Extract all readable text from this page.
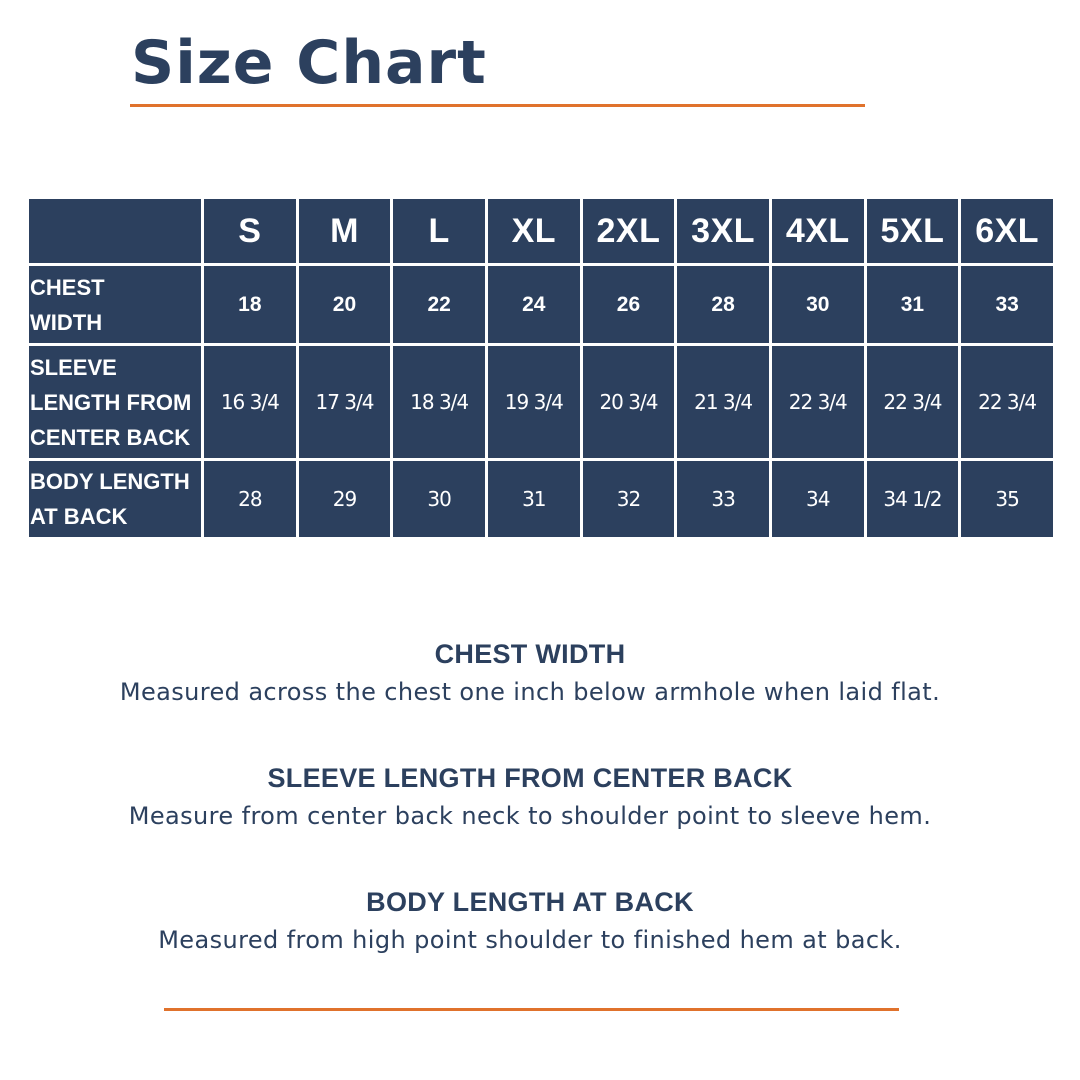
Size Chart
	S	M	L	XL	2XL	3XL	4XL	5XL	6XL
CHEST
WIDTH	18	20	22	24	26	28	30	31	33
SLEEVE
LENGTH FROM
CENTER BACK	16 3/4	17 3/4	18 3/4	19 3/4	20 3/4	21 3/4	22 3/4	22 3/4	22 3/4
BODY LENGTH
AT BACK	28	29	30	31	32	33	34	34 1/2	35
CHEST WIDTH
Measured across the chest one inch below armhole when laid flat.
SLEEVE LENGTH FROM CENTER BACK
Measure from center back neck to shoulder point to sleeve hem.
BODY LENGTH AT BACK
Measured from high point shoulder to finished hem at back.
